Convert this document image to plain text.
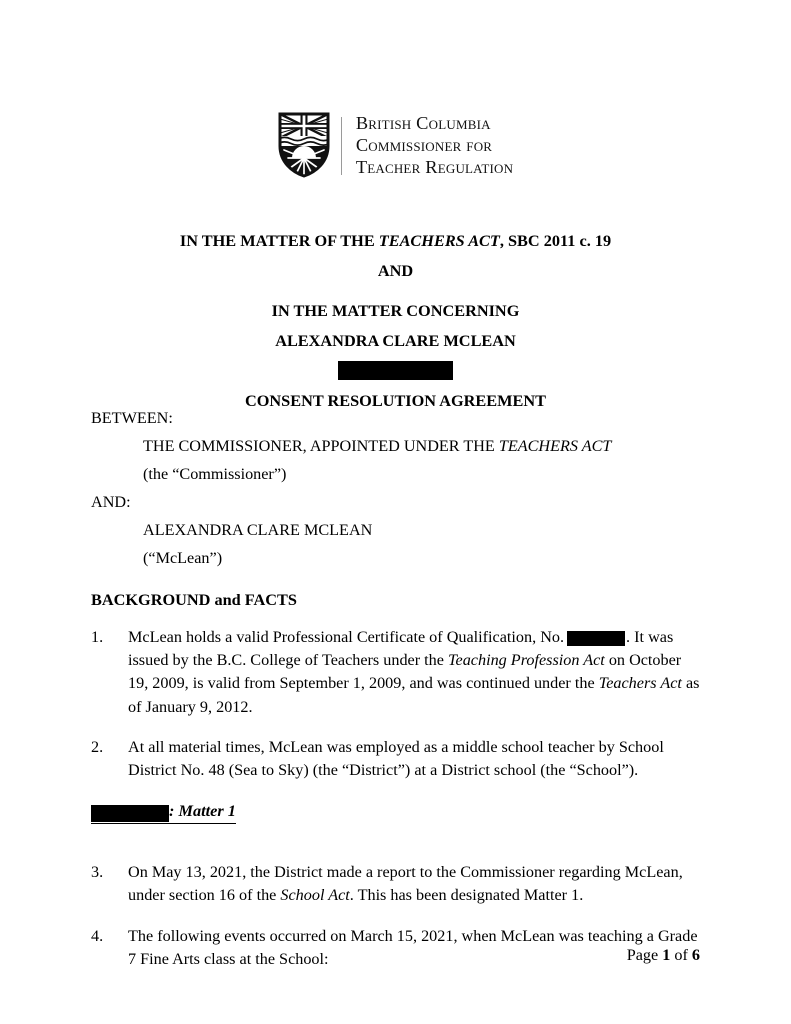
British Columbia
Commissioner for
Teacher Regulation
IN THE MATTER OF THE TEACHERS ACT, SBC 2011 c. 19
AND
IN THE MATTER CONCERNING
ALEXANDRA CLARE MCLEAN
CONSENT RESOLUTION AGREEMENT
BETWEEN:
THE COMMISSIONER, APPOINTED UNDER THE TEACHERS ACT
(the “Commissioner”)
AND:
ALEXANDRA CLARE MCLEAN
(“McLean”)
BACKGROUND and FACTS
1. McLean holds a valid Professional Certificate of Qualification, No.	. It was issued by the B.C. College of Teachers under the Teaching Profession Act on October 19, 2009, is valid from September 1, 2009, and was continued under the Teachers Act as of January 9, 2012.
2. At all material times, McLean was employed as a middle school teacher by School District No. 48 (Sea to Sky) (the “District”) at a District school (the “School”).
: Matter 1
3. On May 13, 2021, the District made a report to the Commissioner regarding McLean, under section 16 of the School Act. This has been designated Matter 1.
4. The following events occurred on March 15, 2021, when McLean was teaching a Grade 7 Fine Arts class at the School:	Page 1 of 6
